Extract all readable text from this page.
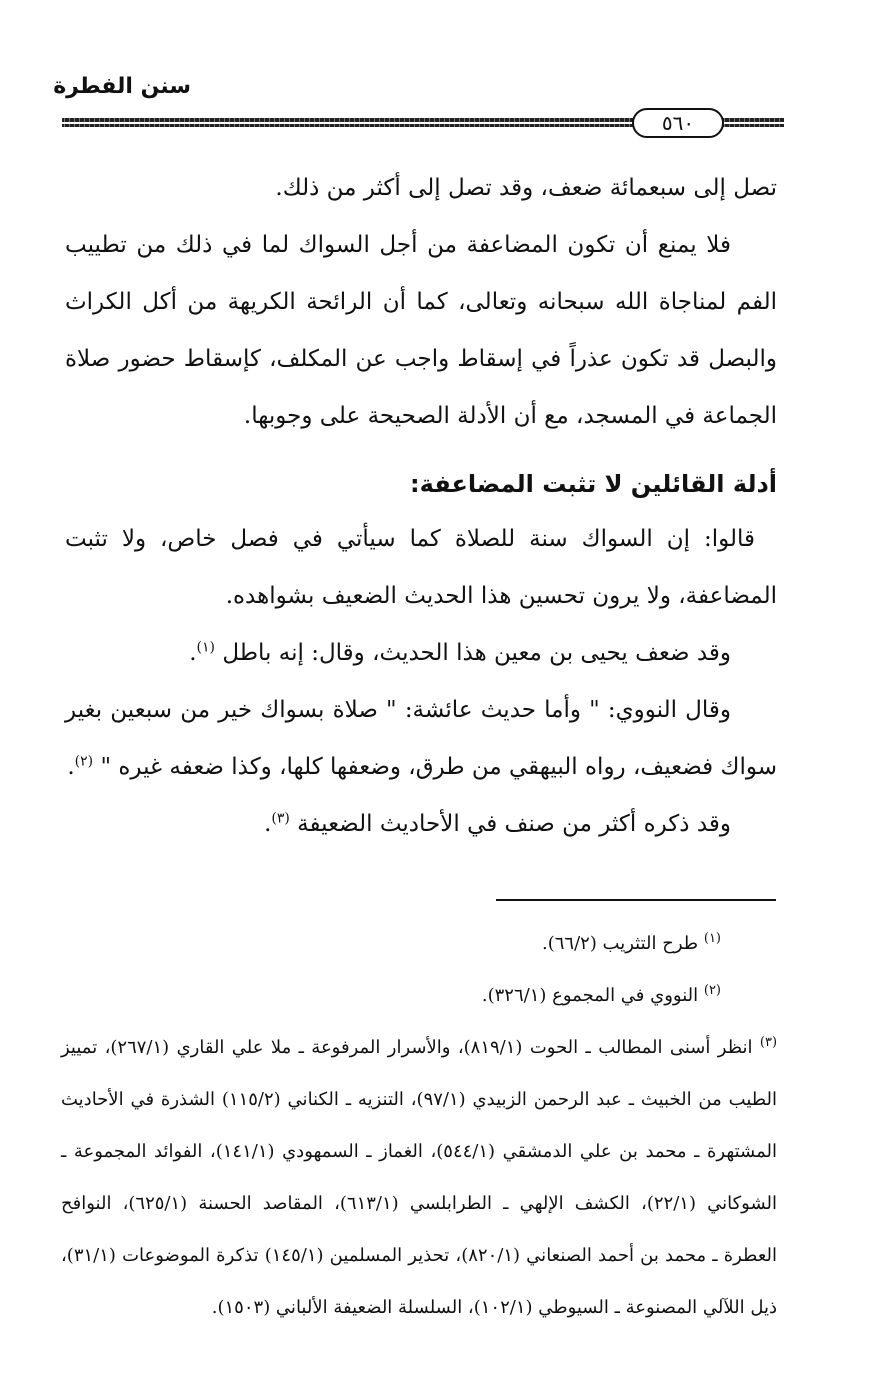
سنن الفطرة
٥٦٠

تصل إلى سبعمائة ضعف، وقد تصل إلى أكثر من ذلك.

فلا يمنع أن تكون المضاعفة من أجل السواك لما في ذلك من تطييب الفم لمناجاة الله سبحانه وتعالى، كما أن الرائحة الكريهة من أكل الكراث والبصل قد تكون عذراً في إسقاط واجب عن المكلف، كإسقاط حضور صلاة الجماعة في المسجد، مع أن الأدلة الصحيحة على وجوبها.

أدلة القائلين لا تثبت المضاعفة:

قالوا: إن السواك سنة للصلاة كما سيأتي في فصل خاص، ولا تثبت المضاعفة، ولا يرون تحسين هذا الحديث الضعيف بشواهده.

وقد ضعف يحيى بن معين هذا الحديث، وقال: إنه باطل $^{(١)}$.

وقال النووي: " وأما حديث عائشة: " صلاة بسواك خير من سبعين بغير سواك فضعيف، رواه البيهقي من طرق، وضعفها كلها، وكذا ضعفه غيره " $^{(٢)}$.

وقد ذكره أكثر من صنف في الأحاديث الضعيفة $^{(٣)}$.

$^{(١)}$ طرح التثريب (٦٦/٢).

$^{(٢)}$ النووي في المجموع (٣٢٦/١).

$^{(٣)}$ انظر أسنى المطالب ـ الحوت (٨١٩/١)، والأسرار المرفوعة ـ ملا علي القاري (٢٦٧/١)، تمييز الطيب من الخبيث ـ عبد الرحمن الزبيدي (٩٧/١)، التنزيه ـ الكناني (١١٥/٢) الشذرة في الأحاديث المشتهرة ـ محمد بن علي الدمشقي (٥٤٤/١)، الغماز ـ السمهودي (١٤١/١)، الفوائد المجموعة ـ الشوكاني (٢٢/١)، الكشف الإلهي ـ الطرابلسي (٦١٣/١)، المقاصد الحسنة (٦٢٥/١)، النوافح العطرة ـ محمد بن أحمد الصنعاني (٨٢٠/١)، تحذير المسلمين (١٤٥/١) تذكرة الموضوعات (٣١/١)، ذيل اللآلي المصنوعة ـ السيوطي (١٠٢/١)، السلسلة الضعيفة الألباني (١٥٠٣).
